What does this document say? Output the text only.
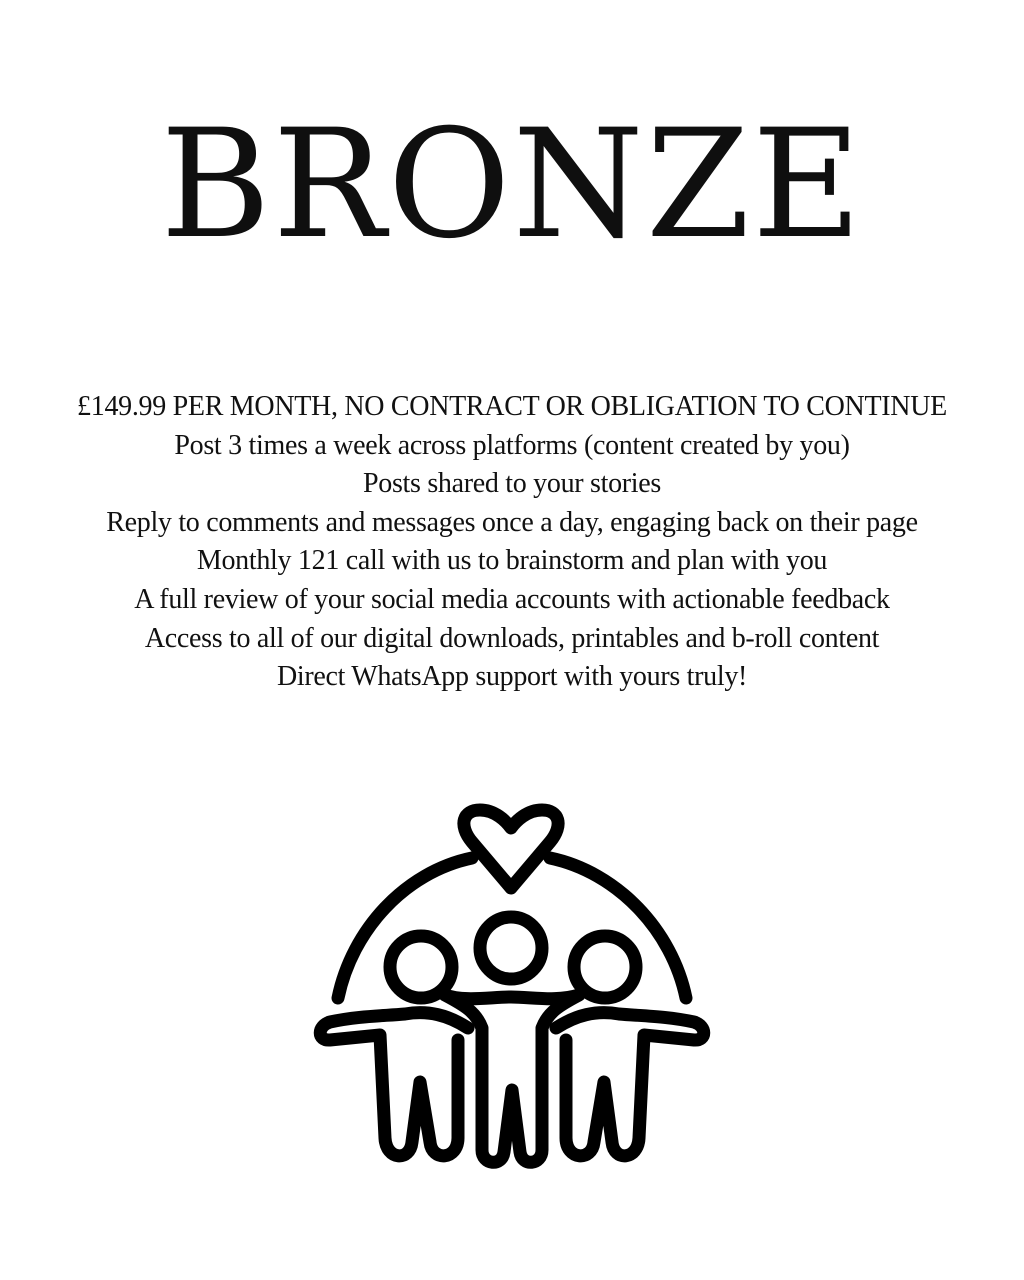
BRONZE
£149.99 PER MONTH, NO CONTRACT OR OBLIGATION TO CONTINUE
Post 3 times a week across platforms (content created by you)
Posts shared to your stories
Reply to comments and messages once a day, engaging back on their page
Monthly 121 call with us to brainstorm and plan with you
A full review of your social media accounts with actionable feedback
Access to all of our digital downloads, printables and b-roll content
Direct WhatsApp support with yours truly!
